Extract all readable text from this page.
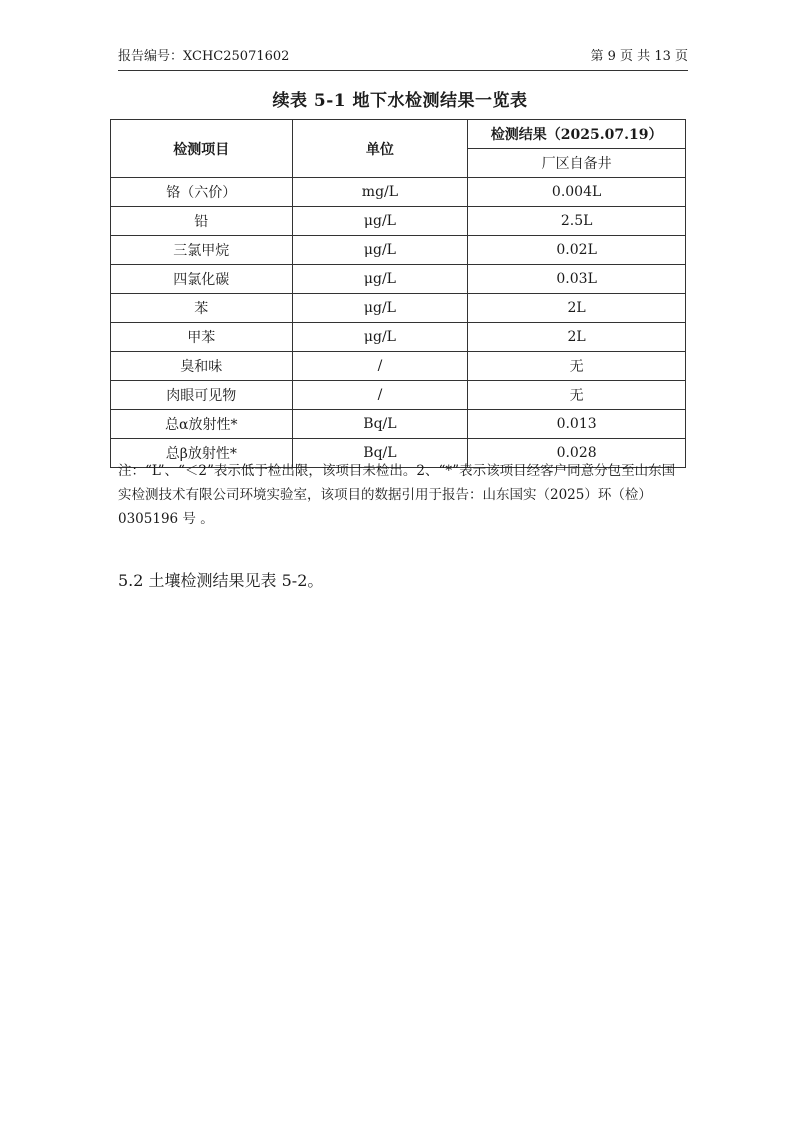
报告编号：XCHC25071602	第 9 页 共 13 页
续表 5-1 地下水检测结果一览表
检测项目	单位	检测结果（2025.07.19）
		厂区自备井
铬（六价）	mg/L	0.004L
铅	μg/L	2.5L
三氯甲烷	μg/L	0.02L
四氯化碳	μg/L	0.03L
苯	μg/L	2L
甲苯	μg/L	2L
臭和味	/	无
肉眼可见物	/	无
总α放射性*	Bq/L	0.013
总β放射性*	Bq/L	0.028
注：“L”、“＜2”表示低于检出限，该项目未检出。2、“*”表示该项目经客户同意分包至山东国实检测技术有限公司环境实验室，该项目的数据引用于报告：山东国实（2025）环（检）0305196 号 。
5.2 土壤检测结果见表 5-2。
